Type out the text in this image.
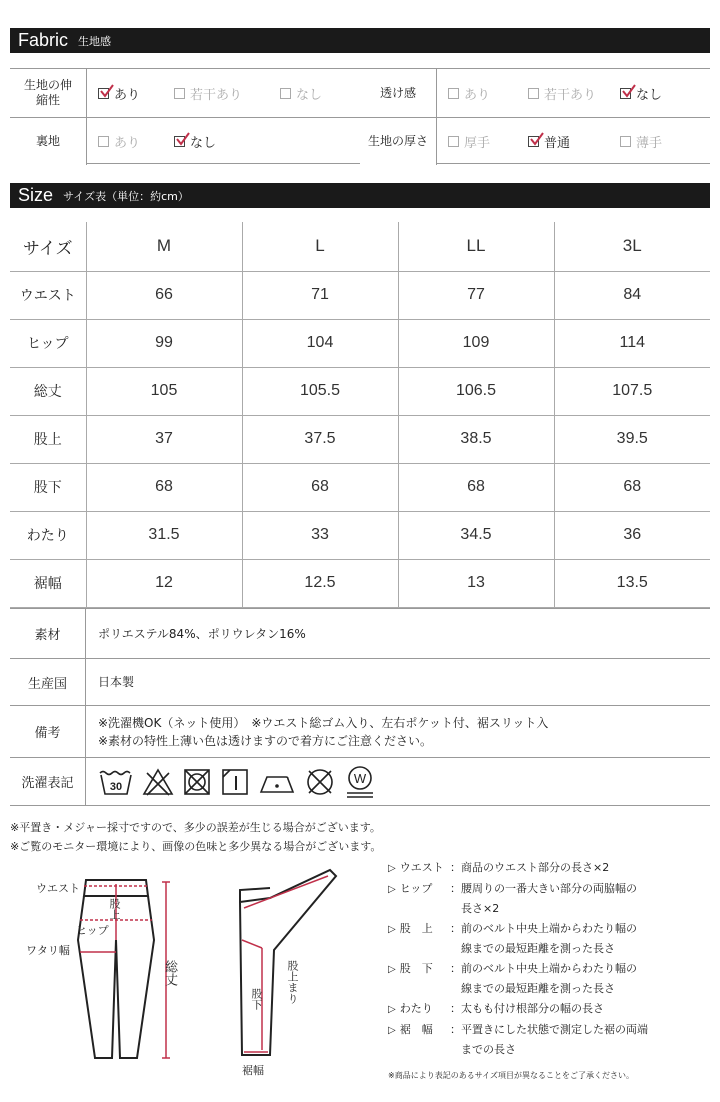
Fabric 生地感
生地の伸縮性	あり	若干あり	なし	透け感	あり	若干あり	なし
裏地	あり	なし	生地の厚さ	厚手	普通	薄手
Size サイズ表（単位：約cm）
サイズ	M	L	LL	3L
ウエスト	66	71	77	84
ヒップ	99	104	109	114
総丈	105	105.5	106.5	107.5
股上	37	37.5	38.5	39.5
股下	68	68	68	68
わたり	31.5	33	34.5	36
裾幅	12	12.5	13	13.5
素材	ポリエステル84%、ポリウレタン16%
生産国	日本製
備考
※洗濯機OK（ネット使用）　※ウエスト総ゴム入り、左右ポケット付、裾スリット入
※素材の特性上薄い色は透けますので着方にご注意ください。
洗濯表記	30
W
※平置き・メジャー採寸ですので、多少の誤差が生じる場合がございます。
※ご覧のモニター環境により、画像の色味と多少異なる場合がございます。
ウエスト
股上
ヒップ
ワタリ幅
総丈
股下 股上まり
裾幅
▷ ウエスト ：商品のウエスト部分の長さ×2
▷ ヒップ	：腰周りの一番大きい部分の両脇幅の
　長さ×2
▷ 股　上	：前のベルト中央上端からわたり幅の
　線までの最短距離を測った長さ
▷ 股　下	：前のベルト中央上端からわたり幅の
　線までの最短距離を測った長さ
▷ わたり	：太もも付け根部分の幅の長さ
▷ 裾　幅	：平置きにした状態で測定した裾の両端
　までの長さ
※商品により表記のあるサイズ項目が異なることをご了承ください。
